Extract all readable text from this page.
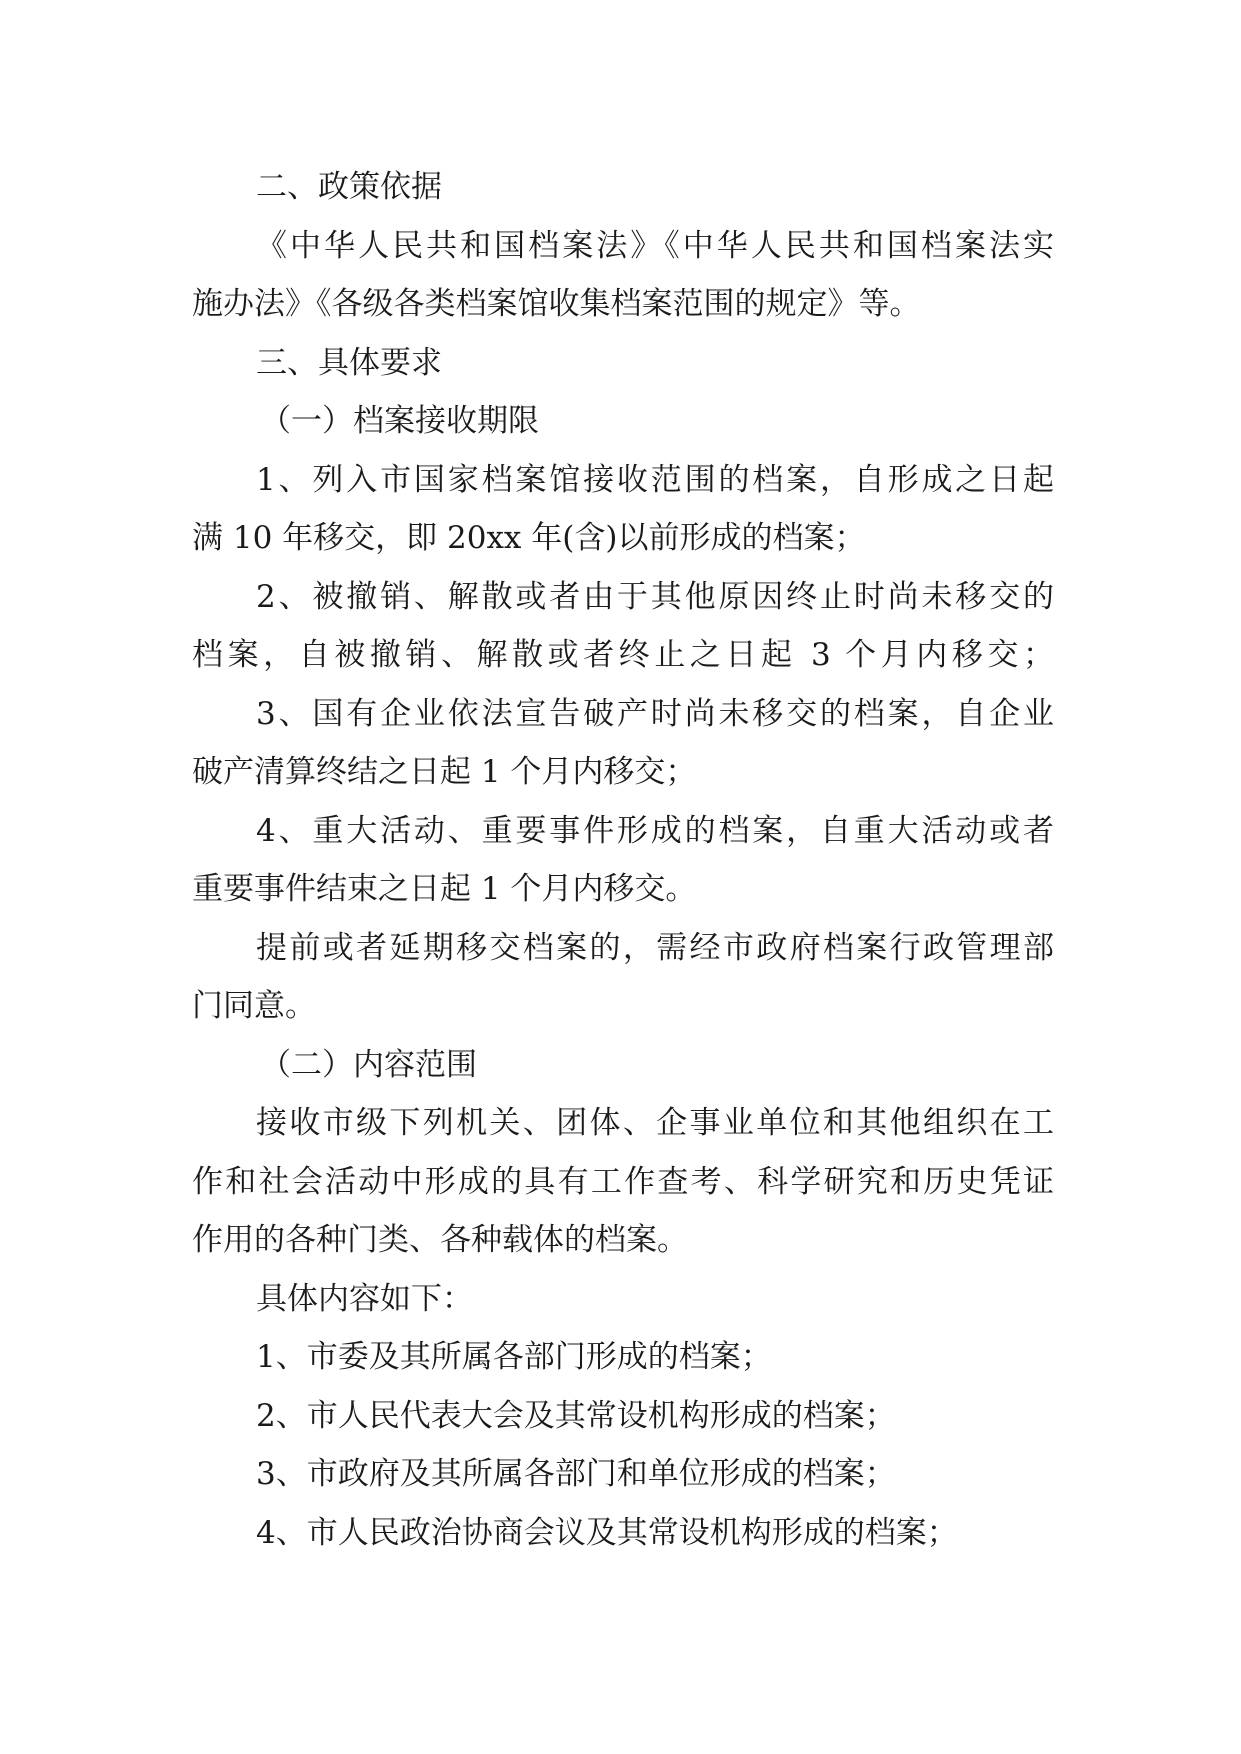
二、政策依据
《中华人民共和国档案法》《中华人民共和国档案法实
施办法》《各级各类档案馆收集档案范围的规定》等。
三、具体要求
（一）档案接收期限
1、列入市国家档案馆接收范围的档案，自形成之日起
满 10 年移交，即 20xx 年(含)以前形成的档案；
2、被撤销、解散或者由于其他原因终止时尚未移交的
档案，自被撤销、解散或者终止之日起 3 个月内移交；
3、国有企业依法宣告破产时尚未移交的档案，自企业
破产清算终结之日起 1 个月内移交；
4、重大活动、重要事件形成的档案，自重大活动或者
重要事件结束之日起 1 个月内移交。
提前或者延期移交档案的，需经市政府档案行政管理部
门同意。
（二）内容范围
接收市级下列机关、团体、企事业单位和其他组织在工
作和社会活动中形成的具有工作查考、科学研究和历史凭证
作用的各种门类、各种载体的档案。
具体内容如下：
1、市委及其所属各部门形成的档案；
2、市人民代表大会及其常设机构形成的档案；
3、市政府及其所属各部门和单位形成的档案；
4、市人民政治协商会议及其常设机构形成的档案；
